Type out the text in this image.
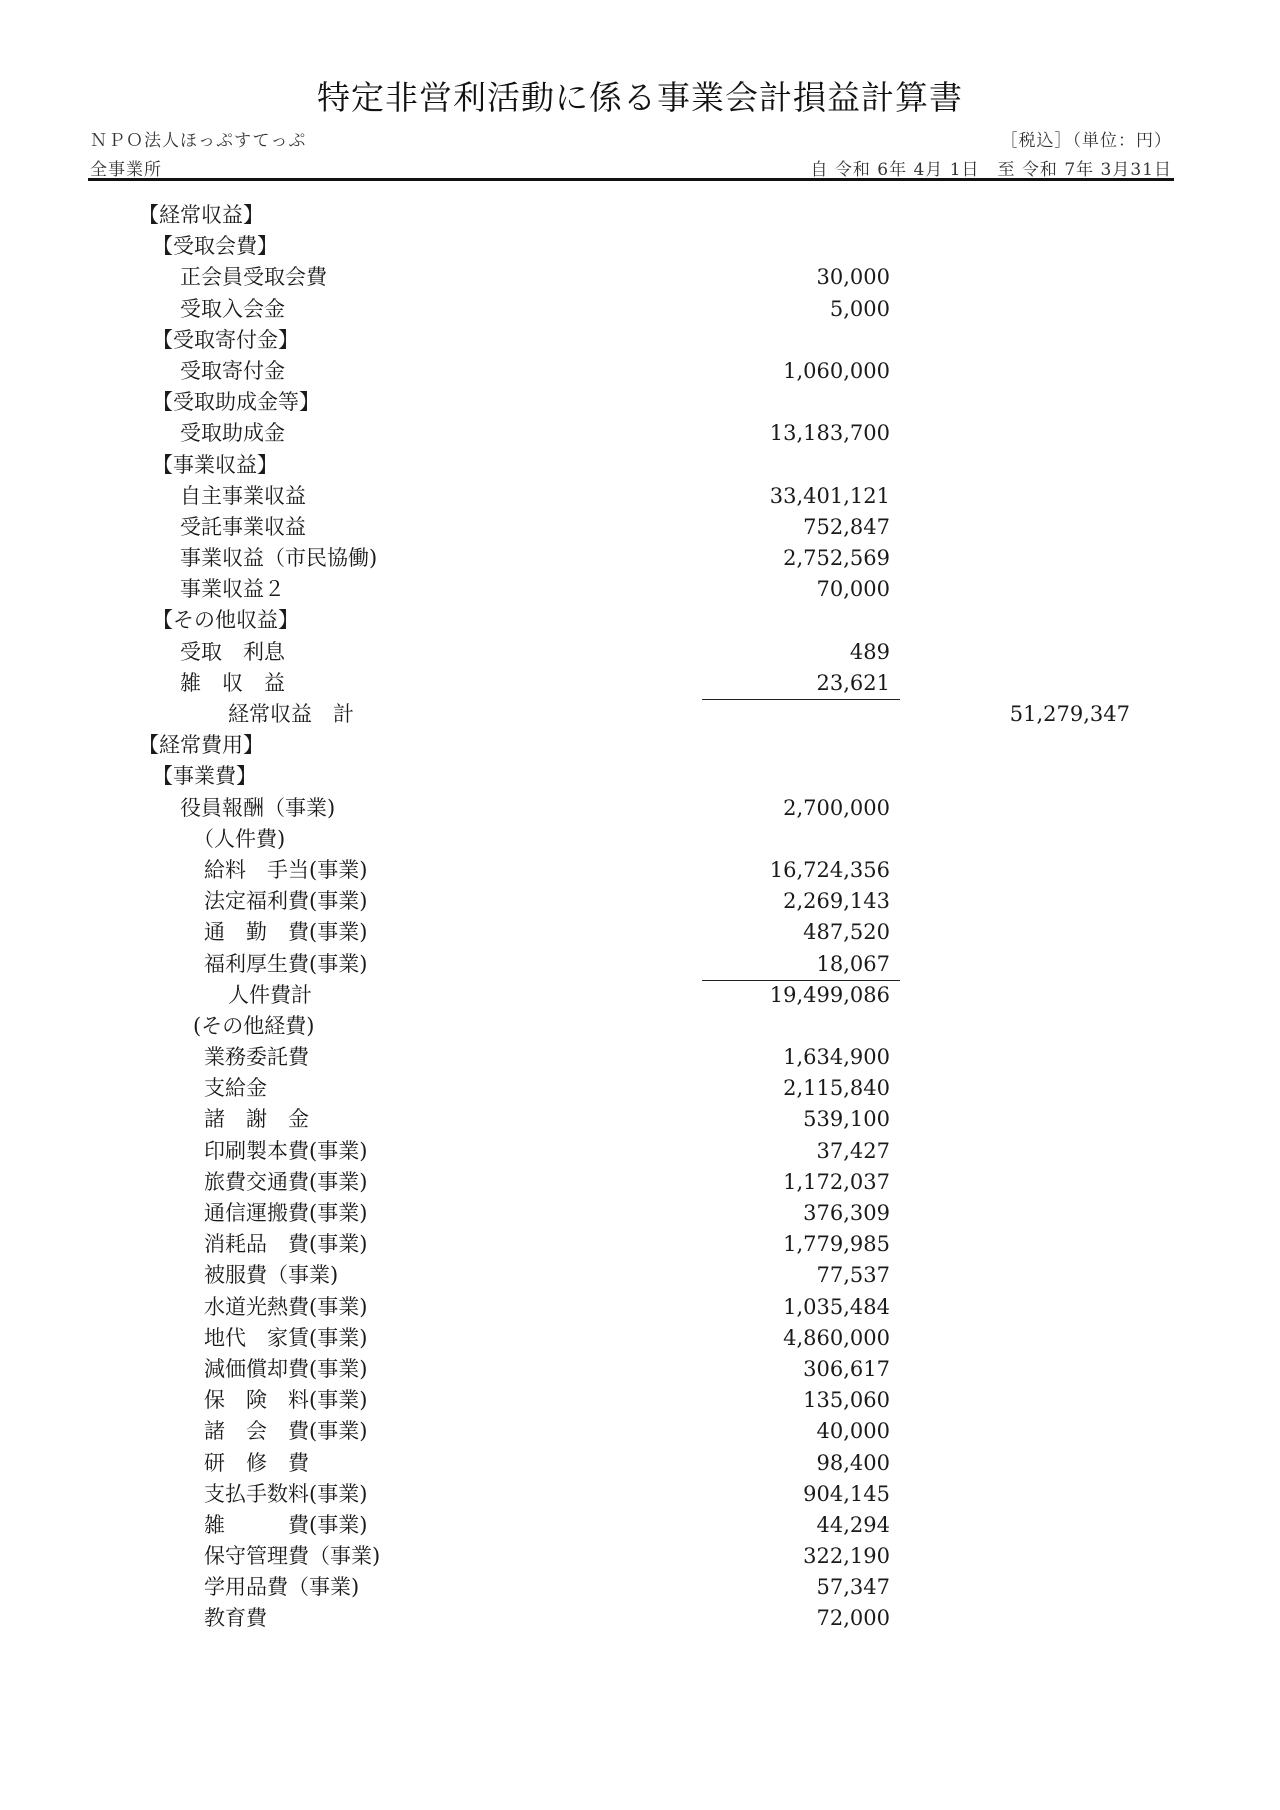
特定非営利活動に係る事業会計損益計算書
ＮＰＯ法人ほっぷすてっぷ
全事業所
［税込］（単位：円）
自 令和 6年 4月 1日　至 令和 7年 3月31日
【経常収益】
【受取会費】
正会員受取会費	30,000
受取入会金	5,000
【受取寄付金】
受取寄付金	1,060,000
【受取助成金等】
受取助成金	13,183,700
【事業収益】
自主事業収益	33,401,121
受託事業収益	752,847
事業収益（市民協働)	2,752,569
事業収益２	70,000
【その他収益】
受取　利息	489
雑　収　益	23,621
経常収益　計	51,279,347
【経常費用】
【事業費】
役員報酬（事業)	2,700,000
（人件費)
給料　手当(事業)	16,724,356
法定福利費(事業)	2,269,143
通　勤　費(事業)	487,520
福利厚生費(事業)	18,067
人件費計	19,499,086
(その他経費)
業務委託費	1,634,900
支給金	2,115,840
諸　謝　金	539,100
印刷製本費(事業)	37,427
旅費交通費(事業)	1,172,037
通信運搬費(事業)	376,309
消耗品　費(事業)	1,779,985
被服費（事業)	77,537
水道光熱費(事業)	1,035,484
地代　家賃(事業)	4,860,000
減価償却費(事業)	306,617
保　険　料(事業)	135,060
諸　会　費(事業)	40,000
研　修　費	98,400
支払手数料(事業)	904,145
雑　　　費(事業)	44,294
保守管理費（事業)	322,190
学用品費（事業)	57,347
教育費	72,000
